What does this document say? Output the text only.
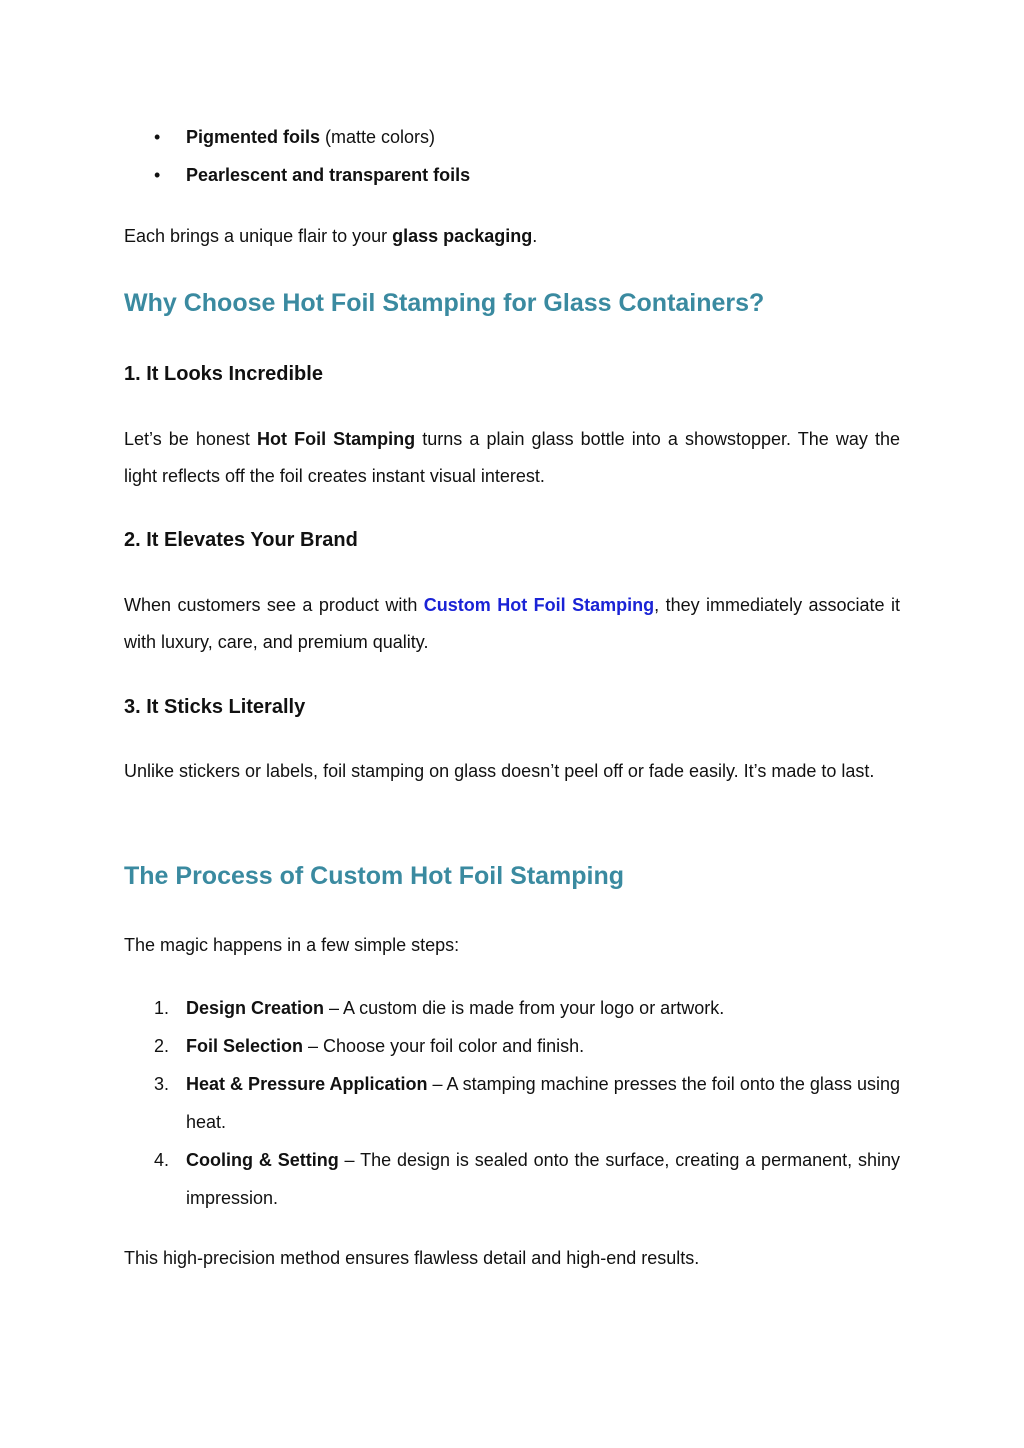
• Pigmented foils (matte colors)
• Pearlescent and transparent foils
Each brings a unique flair to your glass packaging.
Why Choose Hot Foil Stamping for Glass Containers?
1. It Looks Incredible
Let’s be honest Hot Foil Stamping turns a plain glass bottle into a showstopper. The way the light reflects off the foil creates instant visual interest.
2. It Elevates Your Brand
When customers see a product with Custom Hot Foil Stamping, they immediately associate it with luxury, care, and premium quality.
3. It Sticks Literally
Unlike stickers or labels, foil stamping on glass doesn’t peel off or fade easily. It’s made to last.
The Process of Custom Hot Foil Stamping
The magic happens in a few simple steps:
1. Design Creation – A custom die is made from your logo or artwork.
2. Foil Selection – Choose your foil color and finish.
3. Heat & Pressure Application – A stamping machine presses the foil onto the glass using heat.
4. Cooling & Setting – The design is sealed onto the surface, creating a permanent, shiny impression.
This high-precision method ensures flawless detail and high-end results.
